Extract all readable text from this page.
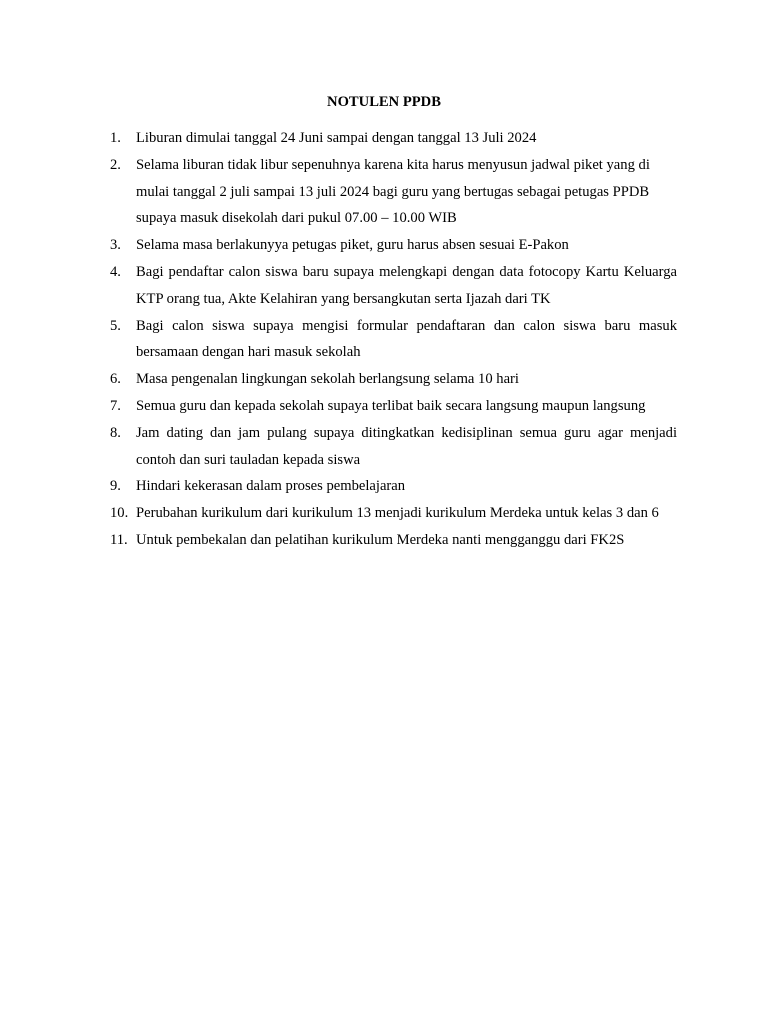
NOTULEN PPDB
1.	Liburan dimulai tanggal 24 Juni sampai dengan tanggal 13 Juli 2024
2.	Selama liburan tidak libur sepenuhnya karena kita harus menyusun jadwal piket yang di mulai tanggal 2 juli sampai 13 juli 2024 bagi guru yang bertugas sebagai petugas PPDB supaya masuk disekolah dari pukul 07.00 – 10.00 WIB
3.	Selama masa berlakunyya petugas piket, guru harus absen sesuai E-Pakon
4.	Bagi pendaftar calon siswa baru supaya melengkapi dengan data fotocopy Kartu Keluarga KTP orang tua, Akte Kelahiran yang bersangkutan serta Ijazah dari TK
5.	Bagi calon siswa supaya mengisi formular pendaftaran dan calon siswa baru masuk bersamaan dengan hari masuk sekolah
6.	Masa pengenalan lingkungan sekolah berlangsung selama 10 hari
7.	Semua guru dan kepada sekolah supaya terlibat baik secara langsung maupun langsung
8.	Jam dating dan jam pulang supaya ditingkatkan kedisiplinan semua guru agar menjadi contoh dan suri tauladan kepada siswa
9.	Hindari kekerasan dalam proses pembelajaran
10. Perubahan kurikulum dari kurikulum 13 menjadi kurikulum Merdeka untuk kelas 3 dan 6
11. Untuk pembekalan dan pelatihan kurikulum Merdeka nanti mengganggu dari FK2S
